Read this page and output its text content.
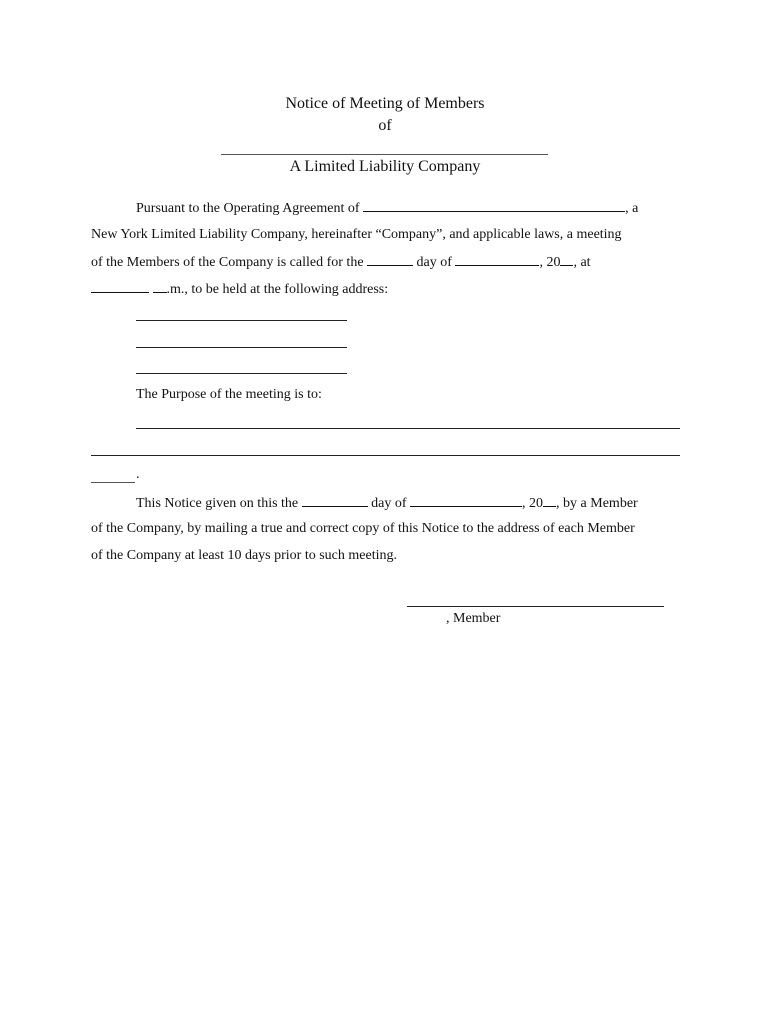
Notice of Meeting of Members
of
A Limited Liability Company
Pursuant to the Operating Agreement of	, a
New York Limited Liability Company, hereinafter “Company”, and applicable laws, a meeting
of the Members of the Company is called for the	day of	, 20 , at
.m., to be held at the following address:
The Purpose of the meeting is to:
.
This Notice given on this the	day of	, 20 , by a Member
of the Company, by mailing a true and correct copy of this Notice to the address of each Member
of the Company at least 10 days prior to such meeting.
, Member
